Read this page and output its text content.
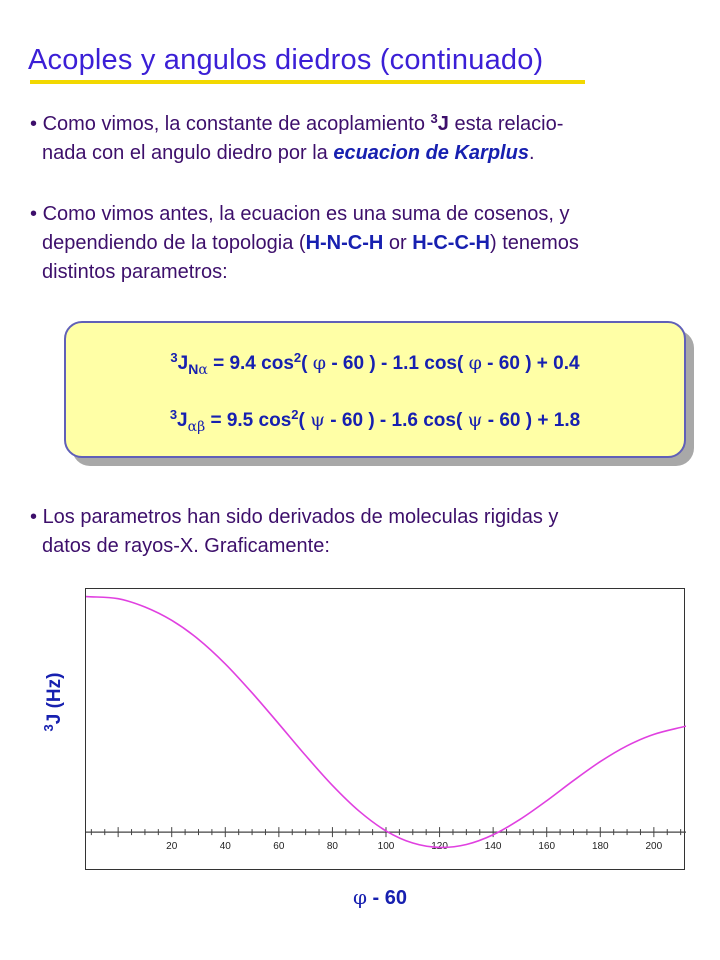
Acoples y angulos diedros (continuado)
• Como vimos, la constante de acoplamiento $^3$J esta relacio-
nada con el angulo diedro por la ecuacion de Karplus.
• Como vimos antes, la ecuacion es una suma de cosenos, y
dependiendo de la topologia (H-N-C-H or H-C-C-H) tenemos
distintos parametros:
$^3J_{N\alpha} = 9.4$ $\cos^2$( φ - 60 ) - 1.1 cos( φ - 60 ) + 0.4
$^3J_{\alpha\beta} = 9.5$ $\cos^2$( ψ - 60 ) - 1.6 cos( ψ - 60 ) + 1.8
• Los parametros han sido derivados de moleculas rigidas y
datos de rayos-X. Graficamente:
$^3$J (Hz)
20	40	60	80	100	120	140	160	180	200
φ - 60
